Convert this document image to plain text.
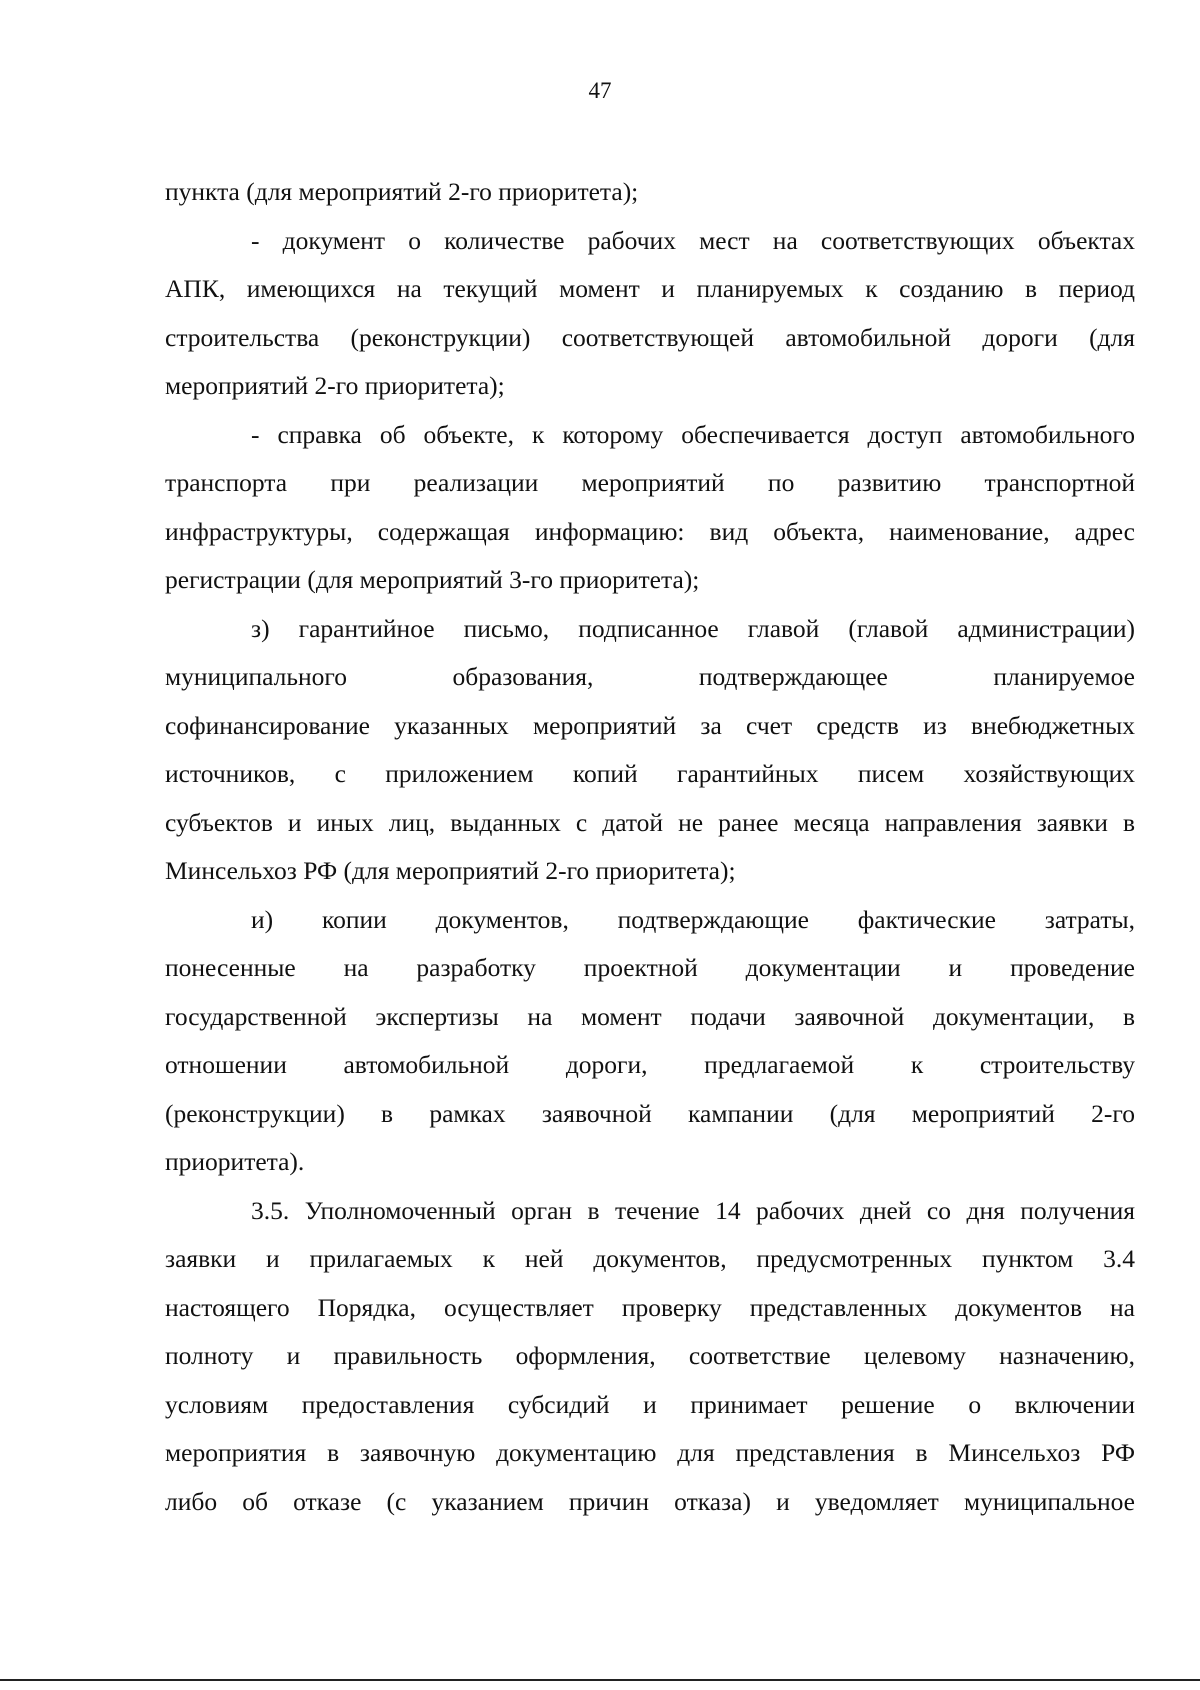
47
пункта (для мероприятий 2-го приоритета);
- документ о количестве рабочих мест на соответствующих объектах
АПК, имеющихся на текущий момент и планируемых к созданию в период
строительства (реконструкции) соответствующей автомобильной дороги (для
мероприятий 2-го приоритета);
- справка об объекте, к которому обеспечивается доступ автомобильного
транспорта при реализации мероприятий по развитию транспортной
инфраструктуры, содержащая информацию: вид объекта, наименование, адрес
регистрации (для мероприятий 3-го приоритета);
з) гарантийное письмо, подписанное главой (главой администрации)
муниципального образования, подтверждающее планируемое
софинансирование указанных мероприятий за счет средств из внебюджетных
источников, с приложением копий гарантийных писем хозяйствующих
субъектов и иных лиц, выданных с датой не ранее месяца направления заявки в
Минсельхоз РФ (для мероприятий 2-го приоритета);
и) копии документов, подтверждающие фактические затраты,
понесенные на разработку проектной документации и проведение
государственной экспертизы на момент подачи заявочной документации, в
отношении автомобильной дороги, предлагаемой к строительству
(реконструкции) в рамках заявочной кампании (для мероприятий 2-го
приоритета).
3.5. Уполномоченный орган в течение 14 рабочих дней со дня получения
заявки и прилагаемых к ней документов, предусмотренных пунктом 3.4
настоящего Порядка, осуществляет проверку представленных документов на
полноту и правильность оформления, соответствие целевому назначению,
условиям предоставления субсидий и принимает решение о включении
мероприятия в заявочную документацию для представления в Минсельхоз РФ
либо об отказе (с указанием причин отказа) и уведомляет муниципальное
